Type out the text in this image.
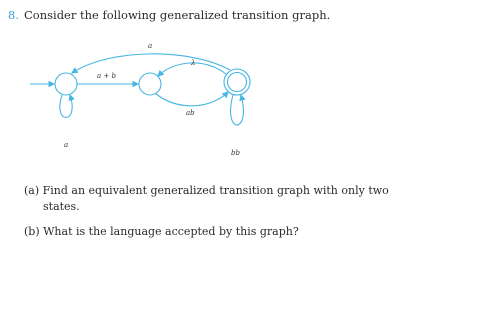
8. Consider the following generalized transition graph.
a
a + b
λ
ab
a
bb
(a) Find an equivalent generalized transition graph with only two
states.
(b) What is the language accepted by this graph?
